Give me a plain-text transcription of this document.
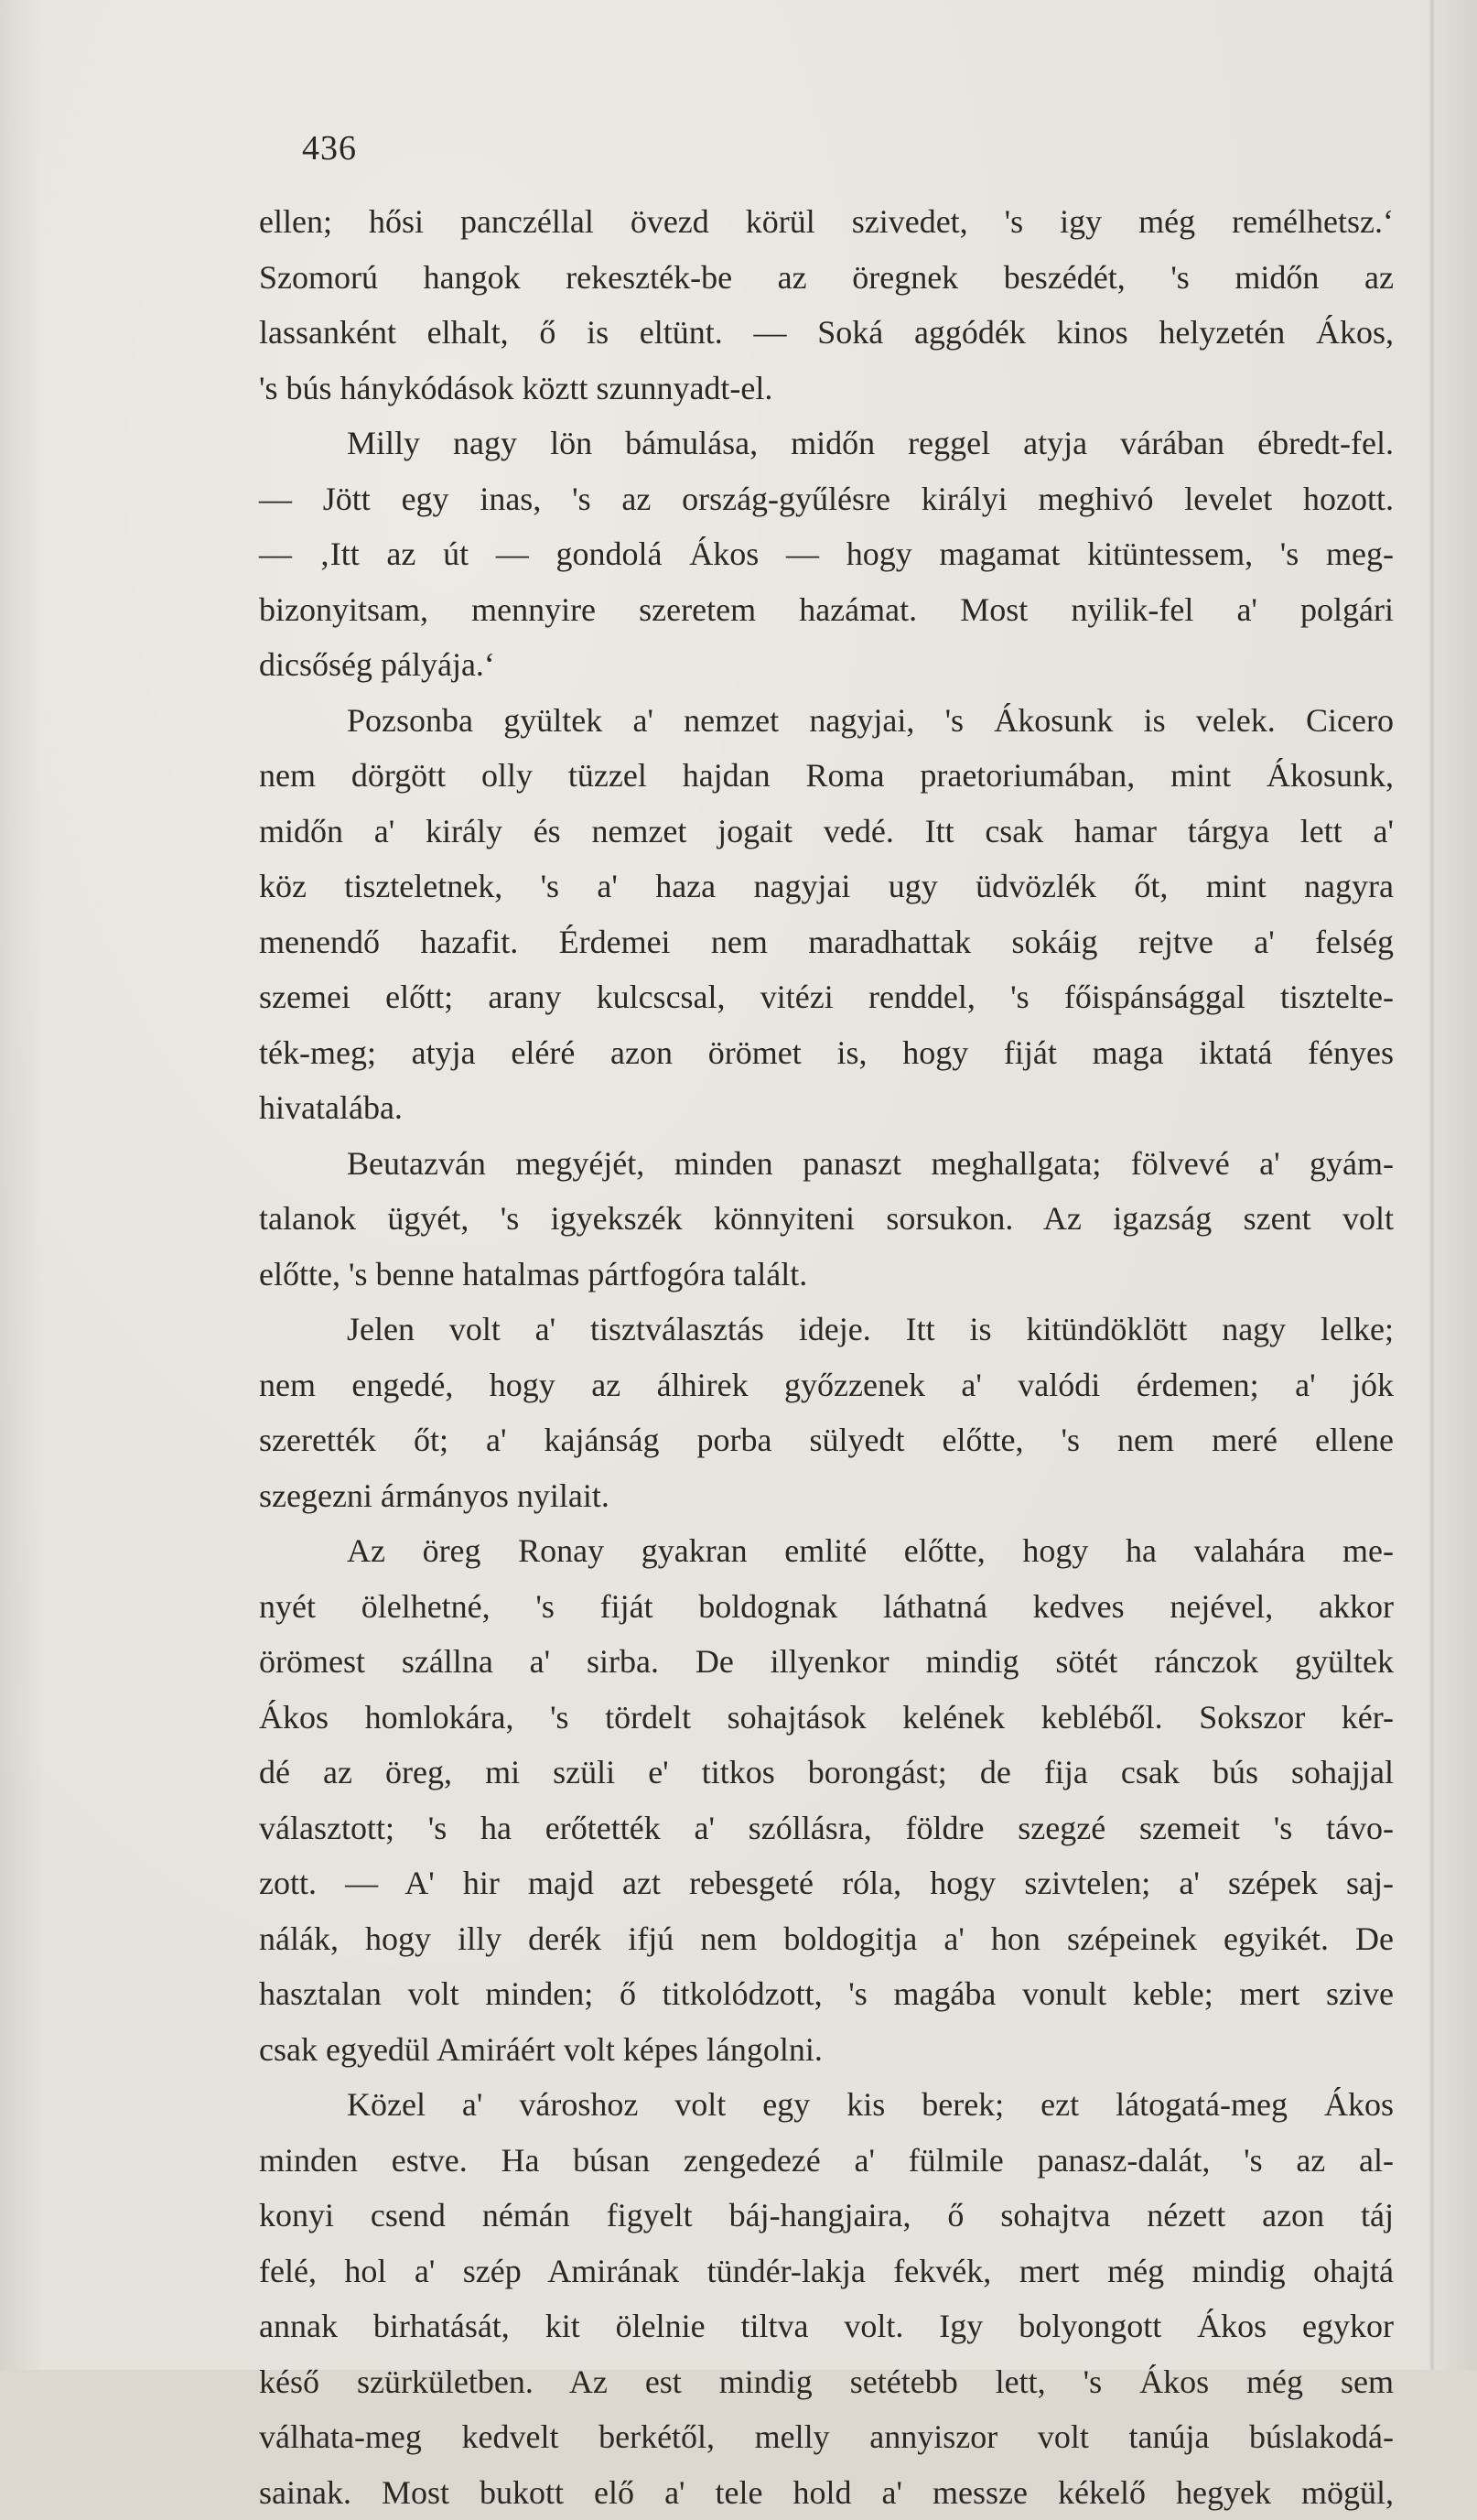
436
ellen; hősi panczéllal övezd körül szivedet, 's igy még remélhetsz.ʻ
Szomorú hangok rekeszték-be az öregnek beszédét, 's midőn az
lassanként elhalt, ő is eltünt. — Soká aggódék kinos helyzetén Ákos,
's bús hánykódások köztt szunnyadt-el.
Milly nagy lön bámulása, midőn reggel atyja várában ébredt-fel.
— Jött egy inas, 's az ország-gyűlésre királyi meghivó levelet hozott.
— ‚Itt az út — gondolá Ákos — hogy magamat kitüntessem, 's meg-
bizonyitsam, mennyire szeretem hazámat. Most nyilik-fel a' polgári
dicsőség pályája.ʻ
Pozsonba gyültek a' nemzet nagyjai, 's Ákosunk is velek. Cicero
nem dörgött olly tüzzel hajdan Roma praetoriumában, mint Ákosunk,
midőn a' király és nemzet jogait vedé. Itt csak hamar tárgya lett a'
köz tiszteletnek, 's a' haza nagyjai ugy üdvözlék őt, mint nagyra
menendő hazafit. Érdemei nem maradhattak sokáig rejtve a' felség
szemei előtt; arany kulcscsal, vitézi renddel, 's főispánsággal tisztelte-
ték-meg; atyja eléré azon örömet is, hogy fiját maga iktatá fényes
hivatalába.
Beutazván megyéjét, minden panaszt meghallgata; fölvevé a' gyám-
talanok ügyét, 's igyekszék könnyiteni sorsukon. Az igazság szent volt
előtte, 's benne hatalmas pártfogóra talált.
Jelen volt a' tisztválasztás ideje. Itt is kitündöklött nagy lelke;
nem engedé, hogy az álhirek győzzenek a' valódi érdemen; a' jók
szerették őt; a' kajánság porba sülyedt előtte, 's nem meré ellene
szegezni ármányos nyilait.
Az öreg Ronay gyakran emlité előtte, hogy ha valahára me-
nyét ölelhetné, 's fiját boldognak láthatná kedves nejével, akkor
örömest szállna a' sirba. De illyenkor mindig sötét ránczok gyültek
Ákos homlokára, 's tördelt sohajtások kelének kebléből. Sokszor kér-
dé az öreg, mi szüli e' titkos borongást; de fija csak bús sohajjal
választott; 's ha erőtették a' szóllásra, földre szegzé szemeit 's távo-
zott. — A' hir majd azt rebesgeté róla, hogy szivtelen; a' szépek saj-
nálák, hogy illy derék ifjú nem boldogitja a' hon szépeinek egyikét. De
hasztalan volt minden; ő titkolódzott, 's magába vonult keble; mert szive
csak egyedül Amiráért volt képes lángolni.
Közel a' városhoz volt egy kis berek; ezt látogatá-meg Ákos
minden estve. Ha búsan zengedezé a' fülmile panasz-dalát, 's az al-
konyi csend némán figyelt báj-hangjaira, ő sohajtva nézett azon táj
felé, hol a' szép Amirának tündér-lakja fekvék, mert még mindig ohajtá
annak birhatását, kit ölelnie tiltva volt. Igy bolyongott Ákos egykor
késő szürkületben. Az est mindig setétebb lett, 's Ákos még sem
válhata-meg kedvelt berkétől, melly annyiszor volt tanúja búslakodá-
sainak. Most bukott elő a' tele hold a' messze kékelő hegyek mögül,
